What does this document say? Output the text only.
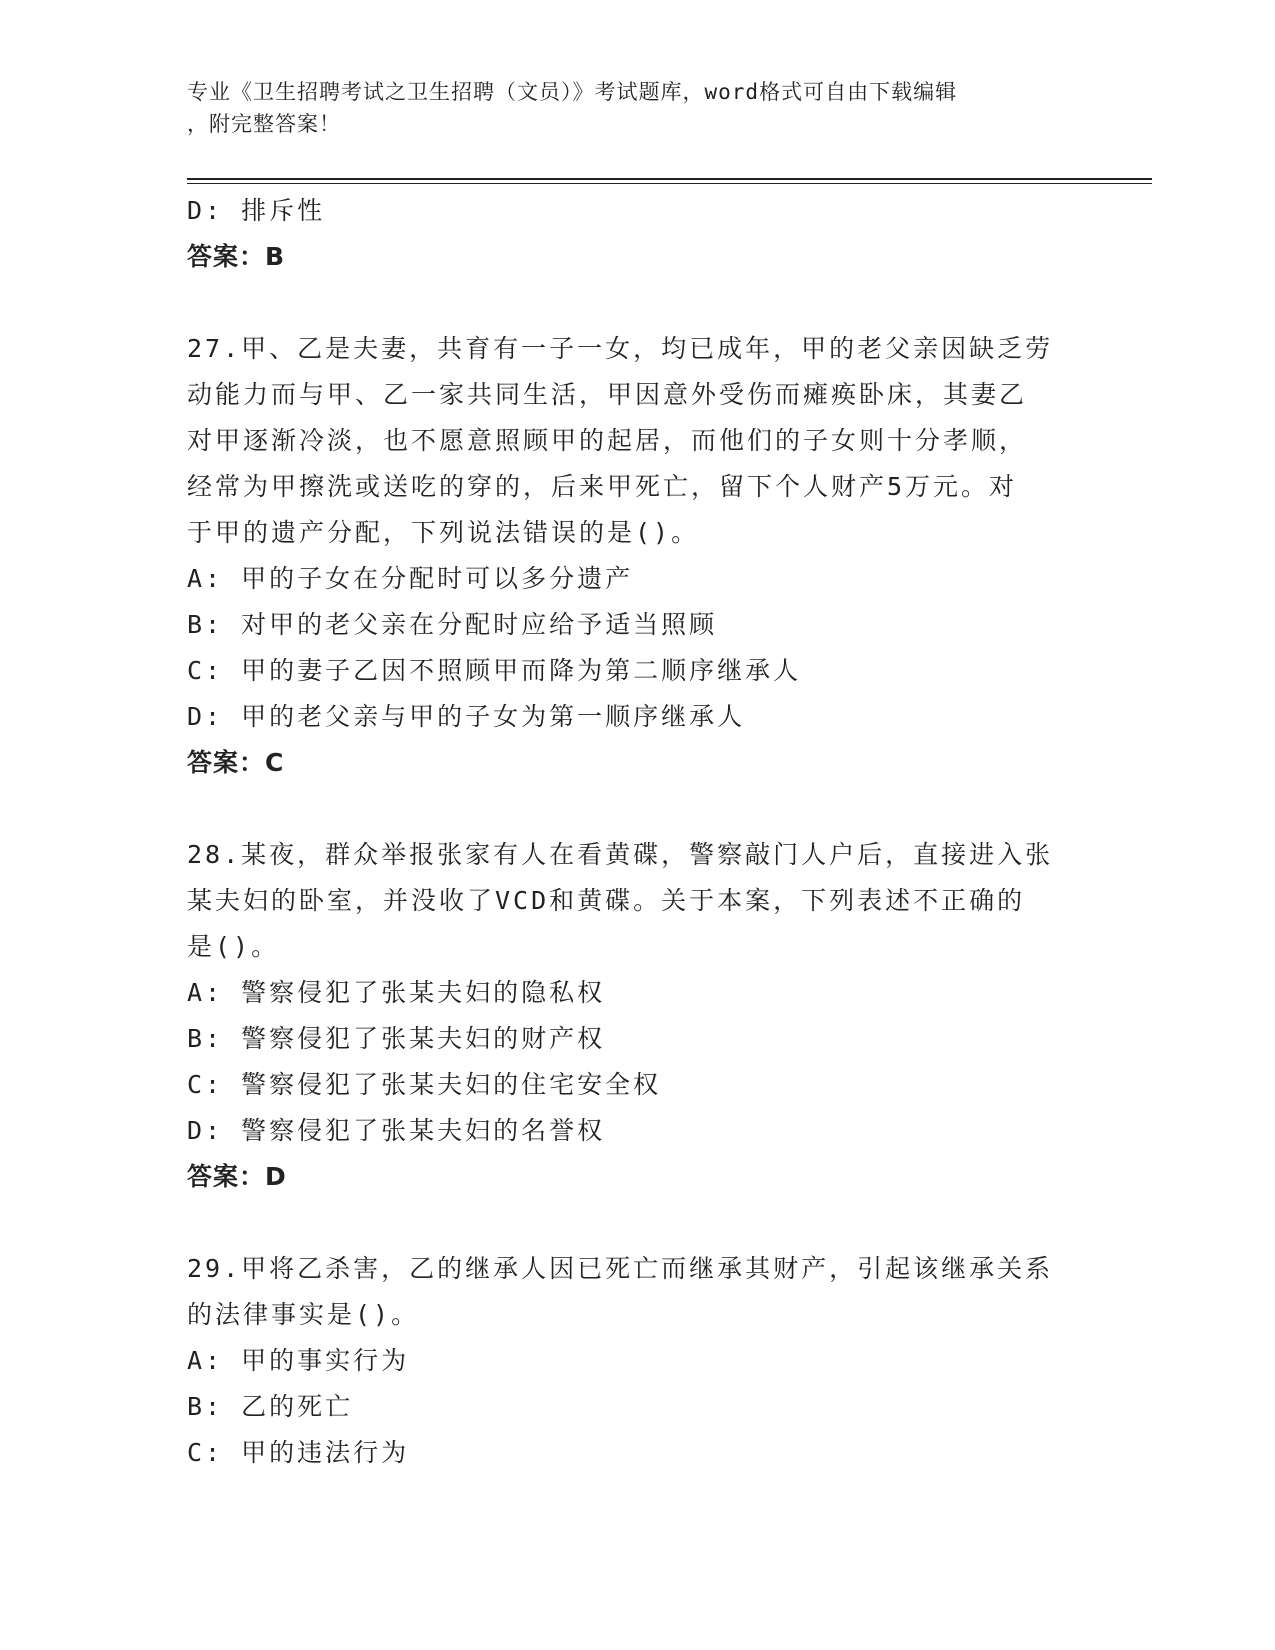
专业《卫生招聘考试之卫生招聘（文员）》考试题库，word格式可自由下载编辑
，附完整答案！
D: 排斥性
答案：B
27.甲、乙是夫妻，共育有一子一女，均已成年，甲的老父亲因缺乏劳
动能力而与甲、乙一家共同生活，甲因意外受伤而瘫痪卧床，其妻乙
对甲逐渐冷淡，也不愿意照顾甲的起居，而他们的子女则十分孝顺，
经常为甲擦洗或送吃的穿的，后来甲死亡，留下个人财产5万元。对
于甲的遗产分配，下列说法错误的是()。
A: 甲的子女在分配时可以多分遗产
B: 对甲的老父亲在分配时应给予适当照顾
C: 甲的妻子乙因不照顾甲而降为第二顺序继承人
D: 甲的老父亲与甲的子女为第一顺序继承人
答案：C
28.某夜，群众举报张家有人在看黄碟，警察敲门人户后，直接进入张
某夫妇的卧室，并没收了VCD和黄碟。关于本案，下列表述不正确的
是()。
A: 警察侵犯了张某夫妇的隐私权
B: 警察侵犯了张某夫妇的财产权
C: 警察侵犯了张某夫妇的住宅安全权
D: 警察侵犯了张某夫妇的名誉权
答案：D
29.甲将乙杀害，乙的继承人因已死亡而继承其财产，引起该继承关系
的法律事实是()。
A: 甲的事实行为
B: 乙的死亡
C: 甲的违法行为
